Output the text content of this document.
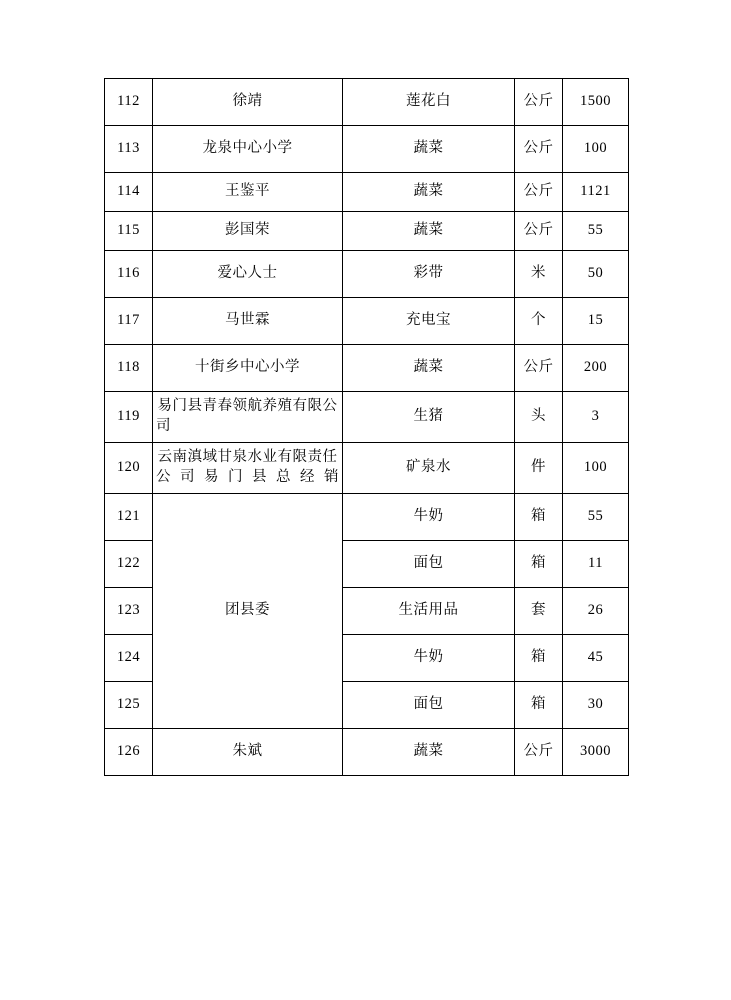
112	徐靖	莲花白	公斤	1500
113	龙泉中心小学	蔬菜	公斤	100
114	王鉴平	蔬菜	公斤	1121
115	彭国荣	蔬菜	公斤	55
116	爱心人士	彩带	米	50
117	马世霖	充电宝	个	15
118	十街乡中心小学	蔬菜	公斤	200
119	易门县青春领航养殖有限公司	生猪	头	3
120	云南滇域甘泉水业有限责任公司易门县总经销	矿泉水	件	100
121	团县委	牛奶	箱	55
122		面包	箱	11
123		生活用品	套	26
124		牛奶	箱	45
125		面包	箱	30
126	朱斌	蔬菜	公斤	3000
